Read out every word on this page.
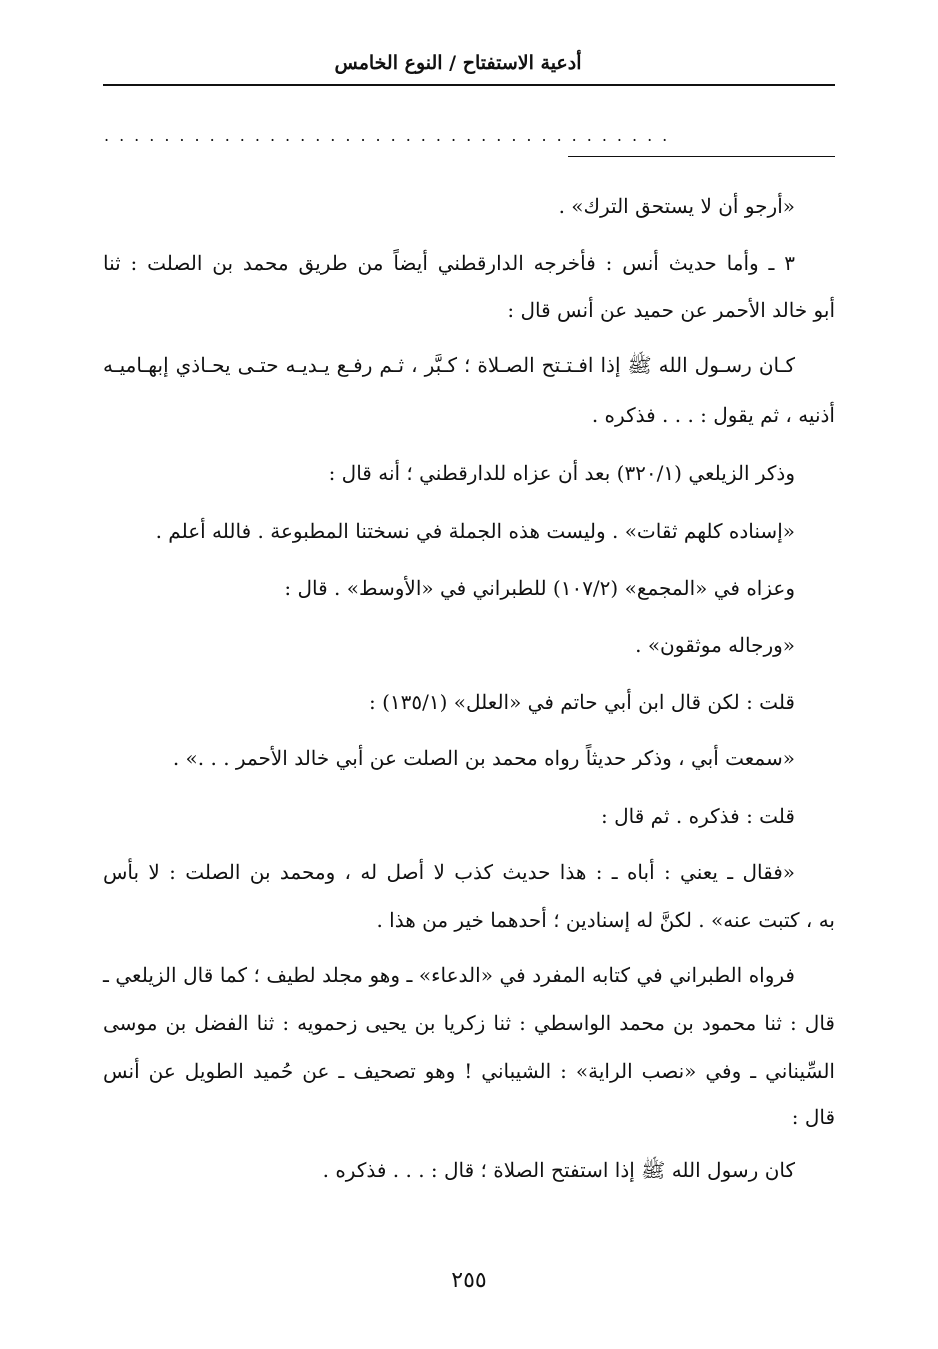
أدعية الاستفتاح / النوع الخامس
......................................
«أرجو أن لا يستحق الترك» .
٣ ـ وأما حديث أنس : فأخرجه الدارقطني أيضاً من طريق محمد بن الصلت : ثنا
أبو خالد الأحمر عن حميد عن أنس قال :
كـان رسـول الله ﷺ إذا افـتـتح الصـلاة ؛ كـبَّر ، ثـم رفـع يـديـه حتـى يحـاذي إبهـاميـه
أذنيه ، ثم يقول : . . . فذكره .
وذكر الزيلعي (٣٢٠/١) بعد أن عزاه للدارقطني ؛ أنه قال :
«إسناده كلهم ثقات» . وليست هذه الجملة في نسختنا المطبوعة . فالله أعلم .
وعزاه في «المجمع» (١٠٧/٢) للطبراني في «الأوسط» . قال :
«ورجاله موثقون» .
قلت : لكن قال ابن أبي حاتم في «العلل» (١٣٥/١) :
«سمعت أبي ، وذكر حديثاً رواه محمد بن الصلت عن أبي خالد الأحمر . . .» .
قلت : فذكره . ثم قال :
«فقال ـ يعني : أباه ـ : هذا حديث كذب لا أصل له ، ومحمد بن الصلت : لا بأس
به ، كتبت عنه» . لكنَّ له إسنادين ؛ أحدهما خير من هذا .
فرواه الطبراني في كتابه المفرد في «الدعاء» ـ وهو مجلد لطيف ؛ كما قال الزيلعي ـ
قال : ثنا محمود بن محمد الواسطي : ثنا زكريا بن يحيى زحمويه : ثنا الفضل بن موسى
السِّيناني ـ وفي «نصب الراية» : الشيباني ! وهو تصحيف ـ عن حُميد الطويل عن أنس
قال :
كان رسول الله ﷺ إذا استفتح الصلاة ؛ قال : . . . فذكره .
٢٥٥
